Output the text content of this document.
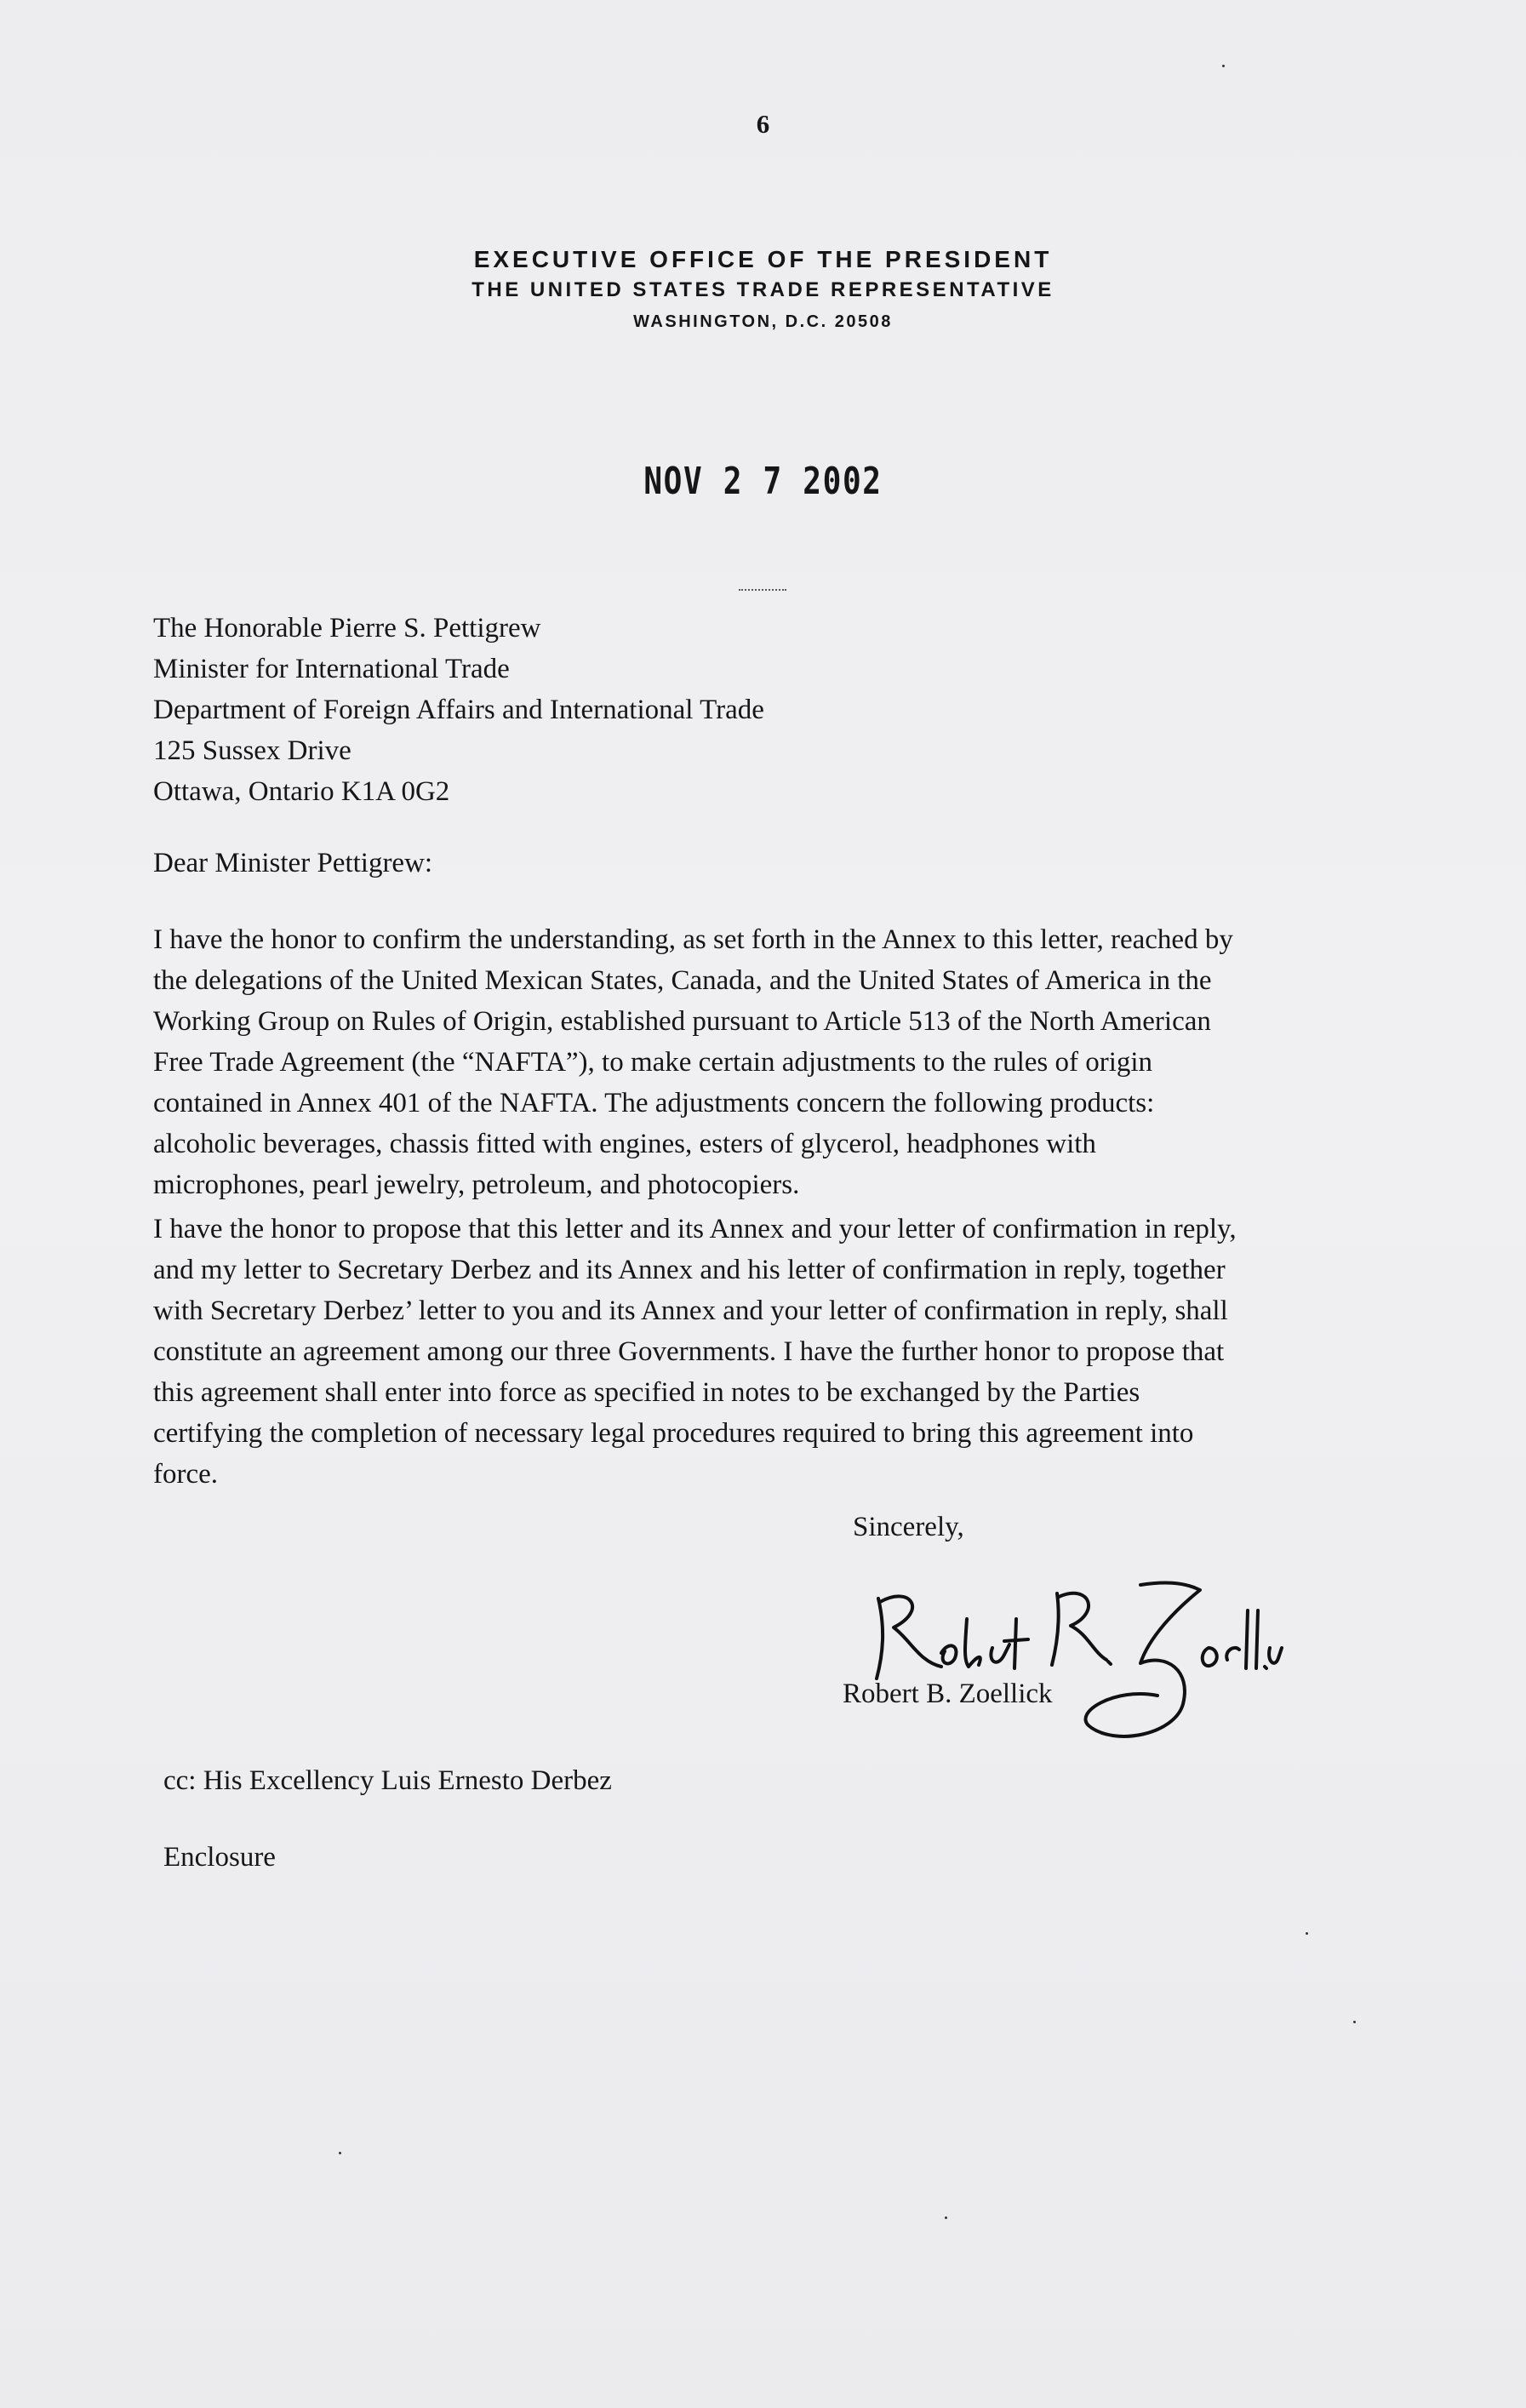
6
EXECUTIVE OFFICE OF THE PRESIDENT
THE UNITED STATES TRADE REPRESENTATIVE
WASHINGTON, D.C. 20508
NOV 2 7 2002
The Honorable Pierre S. Pettigrew
Minister for International Trade
Department of Foreign Affairs and International Trade
125 Sussex Drive
Ottawa, Ontario K1A 0G2
Dear Minister Pettigrew:
I have the honor to confirm the understanding, as set forth in the Annex to this letter, reached by
the delegations of the United Mexican States, Canada, and the United States of America in the
Working Group on Rules of Origin, established pursuant to Article 513 of the North American
Free Trade Agreement (the “NAFTA”), to make certain adjustments to the rules of origin
contained in Annex 401 of the NAFTA. The adjustments concern the following products:
alcoholic beverages, chassis fitted with engines, esters of glycerol, headphones with
microphones, pearl jewelry, petroleum, and photocopiers.
I have the honor to propose that this letter and its Annex and your letter of confirmation in reply,
and my letter to Secretary Derbez and its Annex and his letter of confirmation in reply, together
with Secretary Derbez’ letter to you and its Annex and your letter of confirmation in reply, shall
constitute an agreement among our three Governments. I have the further honor to propose that
this agreement shall enter into force as specified in notes to be exchanged by the Parties
certifying the completion of necessary legal procedures required to bring this agreement into
force.
Sincerely,
Robert B. Zoellick
cc: His Excellency Luis Ernesto Derbez
Enclosure
